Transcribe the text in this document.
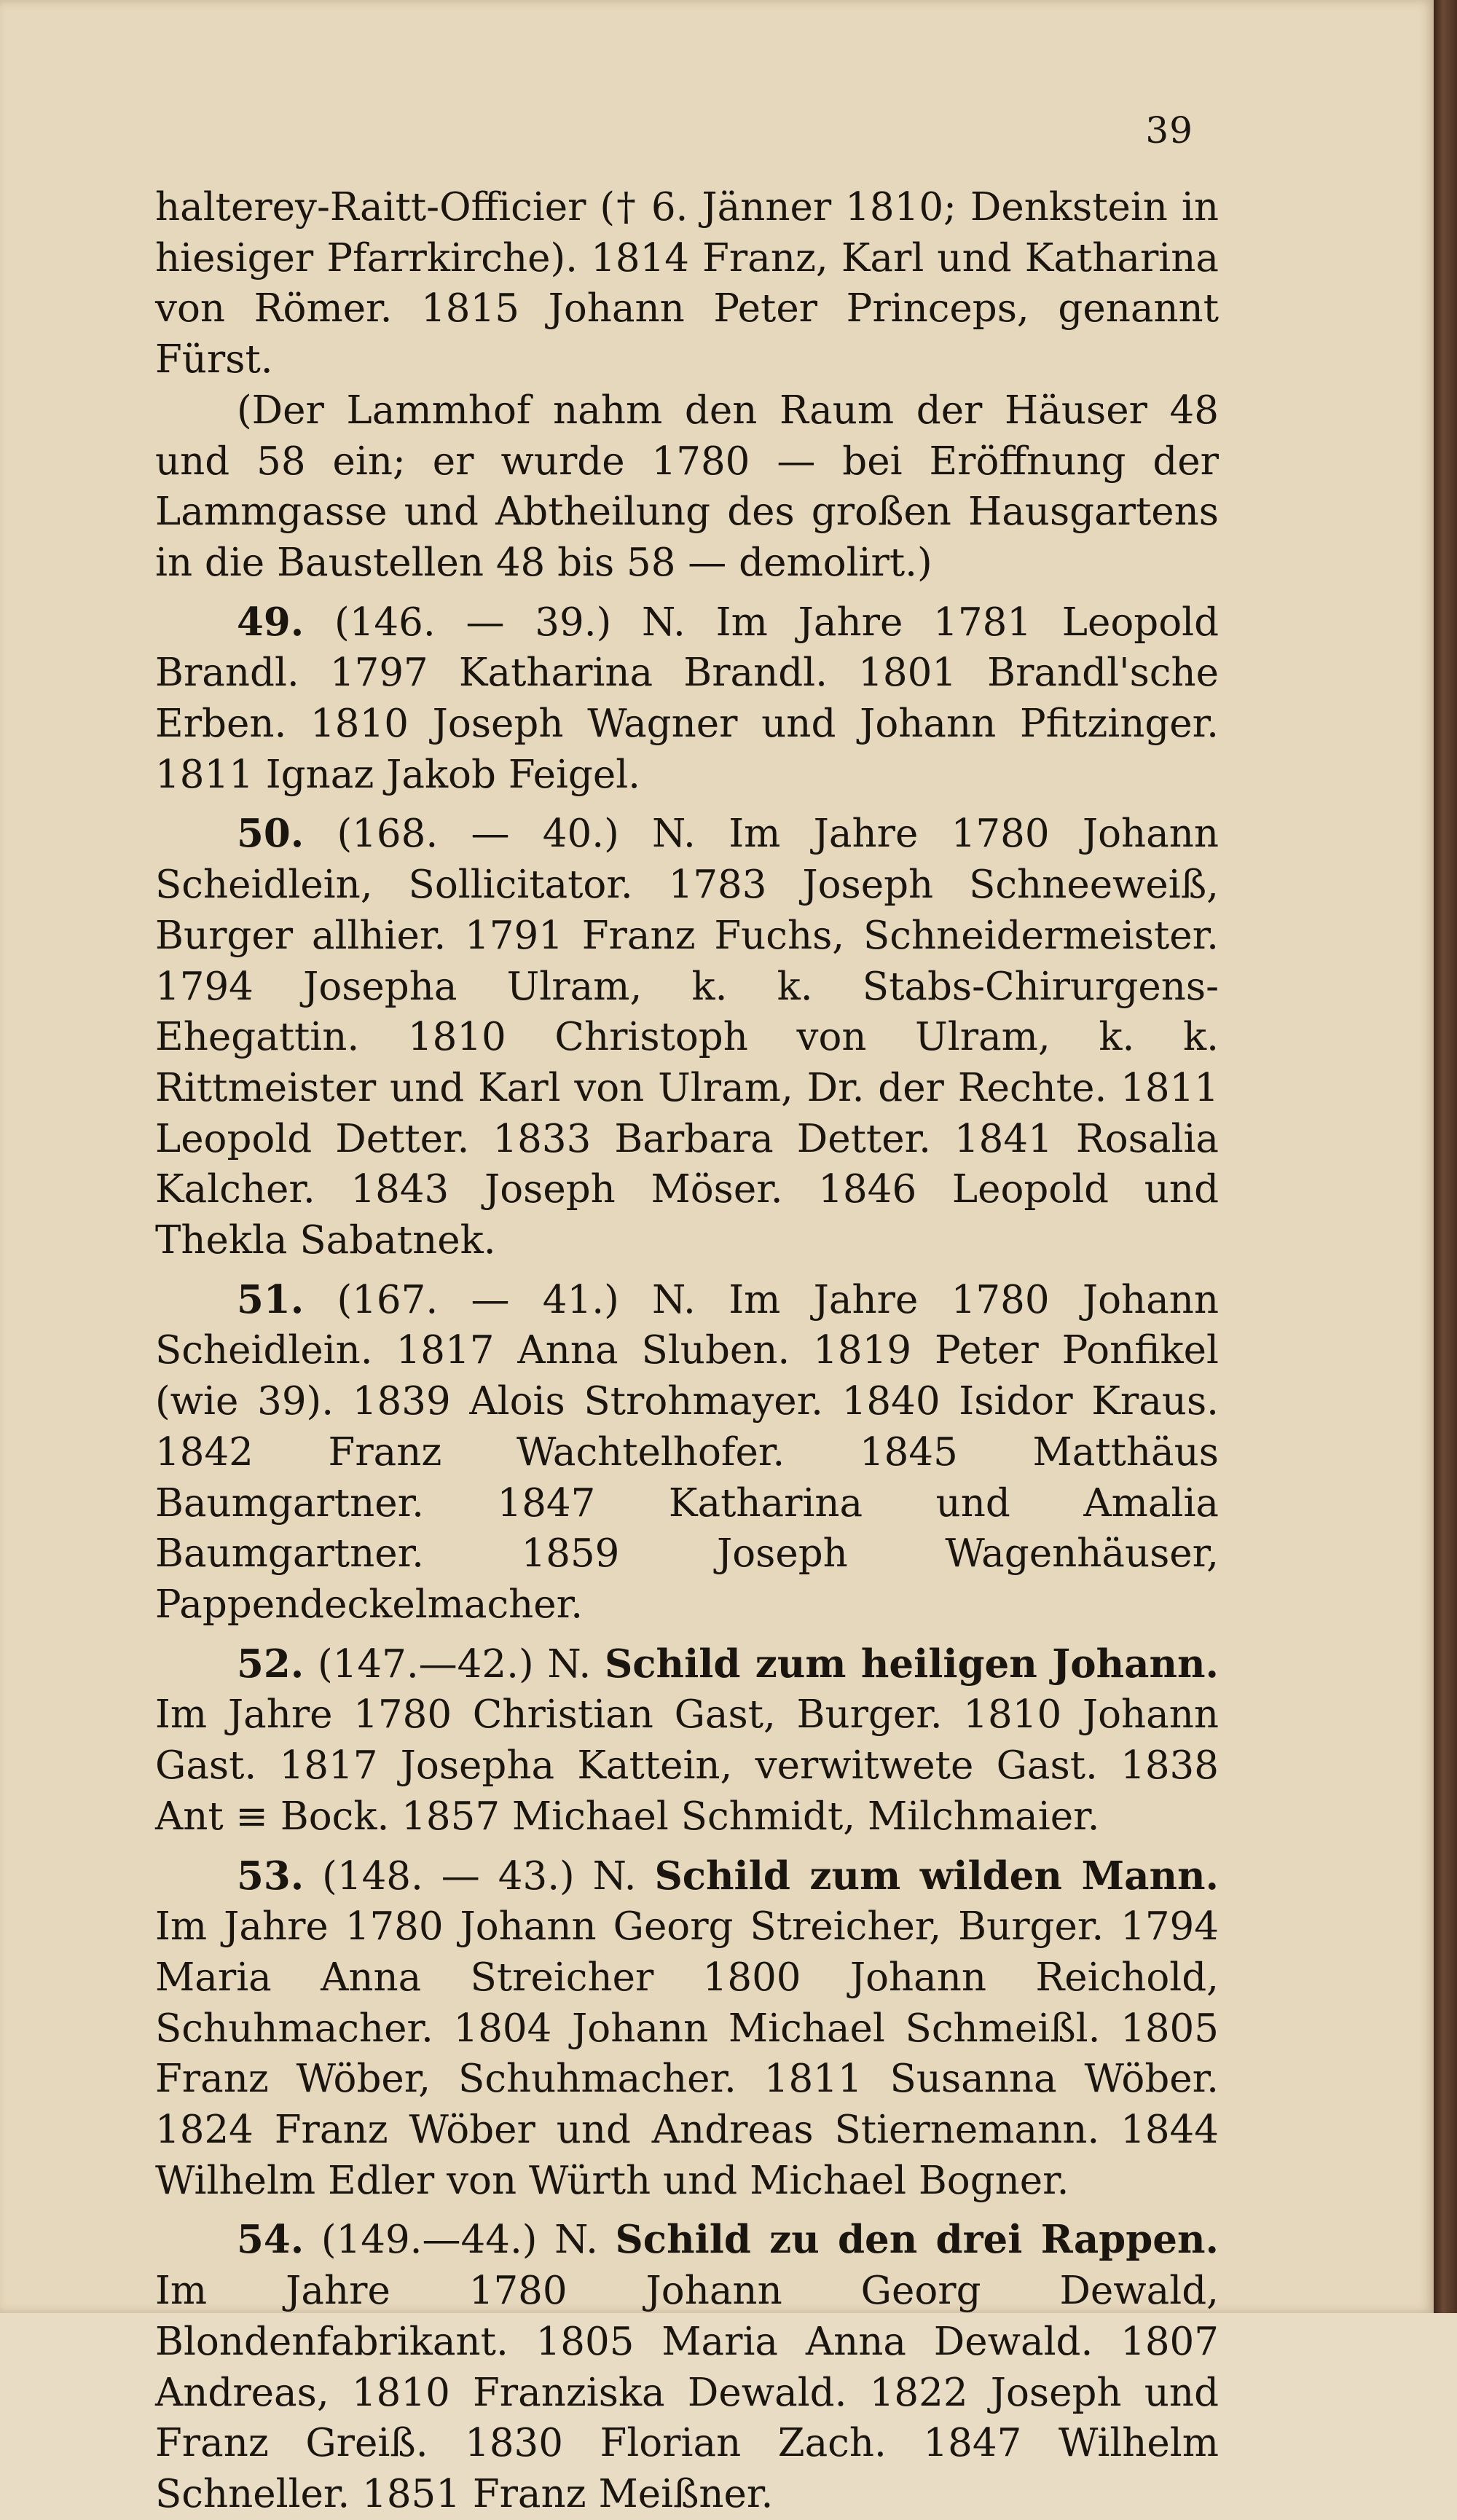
39

halterey-Raitt-Officier († 6. Jänner 1810; Denkstein in hiesiger Pfarrkirche). 1814 Franz, Karl und Katharina von Römer. 1815 Johann Peter Princeps, genannt Fürst.

(Der Lammhof nahm den Raum der Häuser 48 und 58 ein; er wurde 1780 — bei Eröffnung der Lammgasse und Abtheilung des großen Hausgartens in die Baustellen 48 bis 58 — demolirt.)

49. (146. — 39.) N. Im Jahre 1781 Leopold Brandl. 1797 Katharina Brandl. 1801 Brandl'sche Erben. 1810 Joseph Wagner und Johann Pfitzinger. 1811 Ignaz Jakob Feigel.

50. (168. — 40.) N. Im Jahre 1780 Johann Scheidlein, Sollicitator. 1783 Joseph Schneeweiß, Burger allhier. 1791 Franz Fuchs, Schneidermeister. 1794 Josepha Ulram, k. k. Stabs-Chirurgens-Ehegattin. 1810 Christoph von Ulram, k. k. Rittmeister und Karl von Ulram, Dr. der Rechte. 1811 Leopold Detter. 1833 Barbara Detter. 1841 Rosalia Kalcher. 1843 Joseph Möser. 1846 Leopold und Thekla Sabatnek.

51. (167. — 41.) N. Im Jahre 1780 Johann Scheidlein. 1817 Anna Sluben. 1819 Peter Ponfikel (wie 39). 1839 Alois Strohmayer. 1840 Isidor Kraus. 1842 Franz Wachtelhofer. 1845 Matthäus Baumgartner. 1847 Katharina und Amalia Baumgartner. 1859 Joseph Wagenhäuser, Pappendeckelmacher.

52. (147.—42.) N. Schild zum heiligen Johann. Im Jahre 1780 Christian Gast, Burger. 1810 Johann Gast. 1817 Josepha Kattein, verwitwete Gast. 1838 Ant ≡ Bock. 1857 Michael Schmidt, Milchmaier.

53. (148. — 43.) N. Schild zum wilden Mann. Im Jahre 1780 Johann Georg Streicher, Burger. 1794 Maria Anna Streicher 1800 Johann Reichold, Schuhmacher. 1804 Johann Michael Schmeißl. 1805 Franz Wöber, Schuhmacher. 1811 Susanna Wöber. 1824 Franz Wöber und Andreas Stiernemann. 1844 Wilhelm Edler von Würth und Michael Bogner.

54. (149.—44.) N. Schild zu den drei Rappen. Im Jahre 1780 Johann Georg Dewald, Blondenfabrikant. 1805 Maria Anna Dewald. 1807 Andreas, 1810 Franziska Dewald. 1822 Joseph und Franz Greiß. 1830 Florian Zach. 1847 Wilhelm Schneller. 1851 Franz Meißner.
